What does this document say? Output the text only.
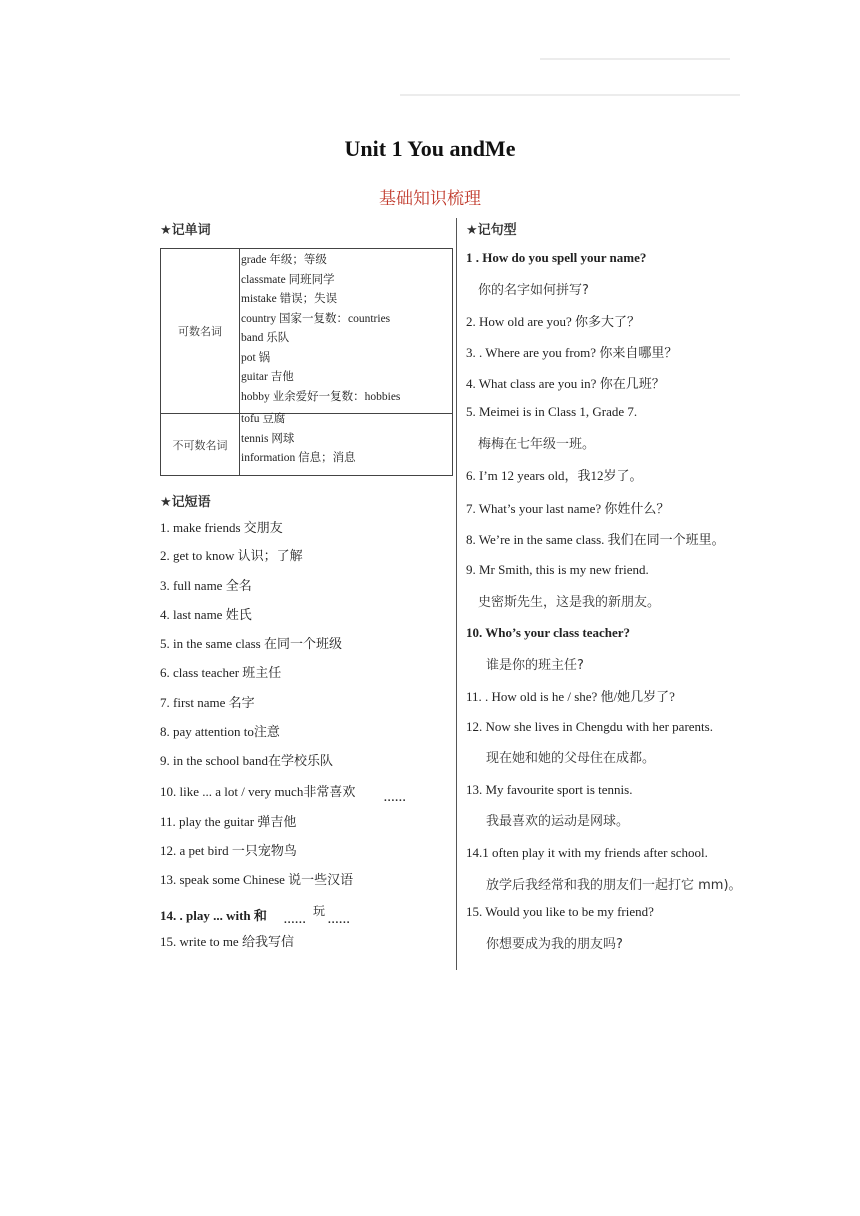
Unit 1 You andMe
基础知识梳理
★记单词
可数名词
grade 年级；等级
classmate 同班同学
mistake 错误；失误
country 国家一复数：countries
band 乐队
pot 锅
guitar 吉他
hobby 业余爱好一复数：hobbies
不可数名词
tofu 豆腐
tennis 网球
information 信息；消息
★记短语
1. make friends 交朋友
2. get to know 认识；了解
3. full name 全名
4. last name 姓氏
5. in the same class 在同一个班级
6. class teacher 班主任
7. first name 名字
8. pay attention to注意
9. in the school band在学校乐队
10. like ... a lot / very much非常喜欢	......
11. play the guitar 弹吉他
12. a pet bird 一只宠物鸟
13. speak some Chinese 说一些汉语
14. . play ... with 和	玩
...... ......
15. write to me 给我写信
★记句型
1 . How do you spell your name?
你的名字如何拼写?
2. How old are you? 你多大了？
3. . Where are you from? 你来自哪里？
4. What class are you in? 你在几班？
5. Meimei is in Class 1, Grade 7.
梅梅在七年级一班。
6. I’m 12 years old，我12岁了。
7. What’s your last name? 你姓什么？
8. We’re in the same class. 我们在同一个班里。
9. Mr Smith, this is my new friend.
史密斯先生，这是我的新朋友。
10. Who’s your class teacher?
谁是你的班主任?
11. . How old is he / she? 他/她几岁了?
12. Now she lives in Chengdu with her parents.
现在她和她的父母住在成都。
13. My favourite sport is tennis.
我最喜欢的运动是网球。
14.1 often play it with my friends after school.
放学后我经常和我的朋友们一起打它 mm)。
15. Would you like to be my friend?
你想要成为我的朋友吗?
